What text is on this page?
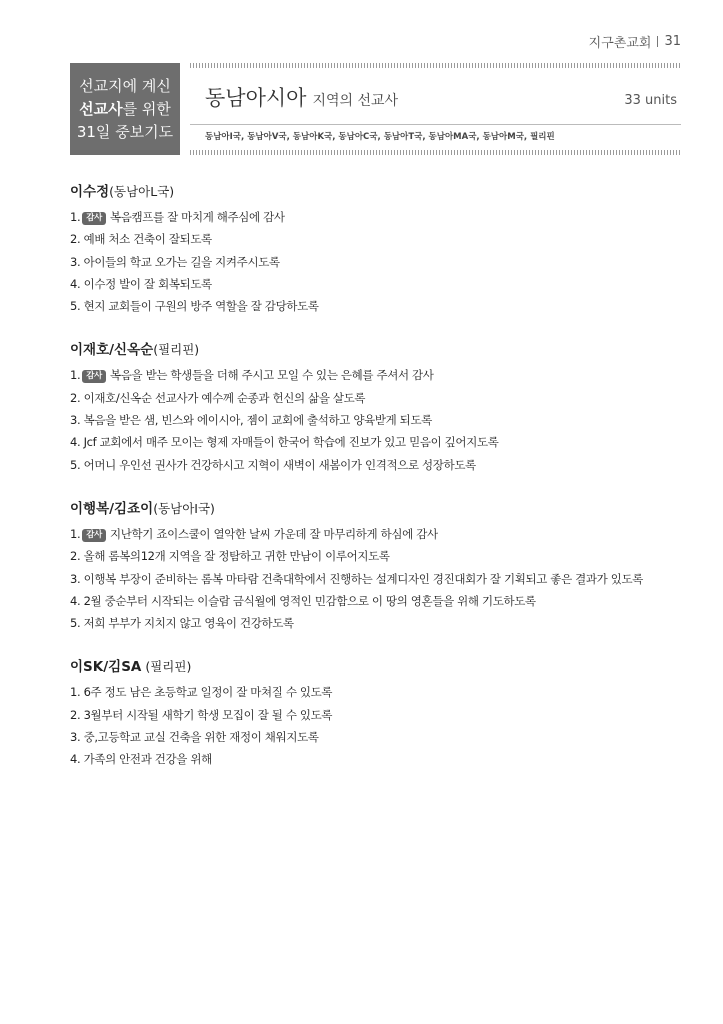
지구촌교회 31
선교지에 계신
선교사를 위한
31일 중보기도
동남아시아 지역의 선교사	33 units
동남아I국, 동남아V국, 동남아K국, 동남아C국, 동남아T국, 동남아MA국, 동남아M국, 필리핀
이수정(동남아L국)
1. 감사 복음캠프를 잘 마치게 해주심에 감사
2. 예배 처소 건축이 잘되도록
3. 아이들의 학교 오가는 길을 지켜주시도록
4. 이수정 발이 잘 회복되도록
5. 현지 교회들이 구원의 방주 역할을 잘 감당하도록
이재호/신옥순(필리핀)
1. 감사 복음을 받는 학생들을 더해 주시고 모일 수 있는 은혜를 주셔서 감사
2. 이재호/신옥순 선교사가 예수께 순종과 헌신의 삶을 살도록
3. 복음을 받은 샘, 빈스와 에이시아, 젬이 교회에 출석하고 양육받게 되도록
4. Jcf 교회에서 매주 모이는 형제 자매들이 한국어 학습에 진보가 있고 믿음이 깊어지도록
5. 어머니 우인선 권사가 건강하시고 지혁이 새벽이 새봄이가 인격적으로 성장하도록
이행복/김죠이(동남아I국)
1. 감사 지난학기 죠이스쿨이 열악한 날씨 가운데 잘 마무리하게 하심에 감사
2. 올해 롬복의12개 지역을 잘 정탐하고 귀한 만남이 이루어지도록
3. 이행복 부장이 준비하는 롬복 마타람 건축대학에서 진행하는 설계디자인 경진대회가 잘 기획되고 좋은 결과가 있도록
4. 2월 중순부터 시작되는 이슬람 금식월에 영적인 민감함으로 이 땅의 영혼들을 위해 기도하도록
5. 저희 부부가 지치지 않고 영육이 건강하도록
이SK/김SA (필리핀)
1. 6주 정도 남은 초등학교 일정이 잘 마쳐질 수 있도록
2. 3월부터 시작될 새학기 학생 모집이 잘 될 수 있도록
3. 중,고등학교 교실 건축을 위한 재정이 채워지도록
4. 가족의 안전과 건강을 위해
